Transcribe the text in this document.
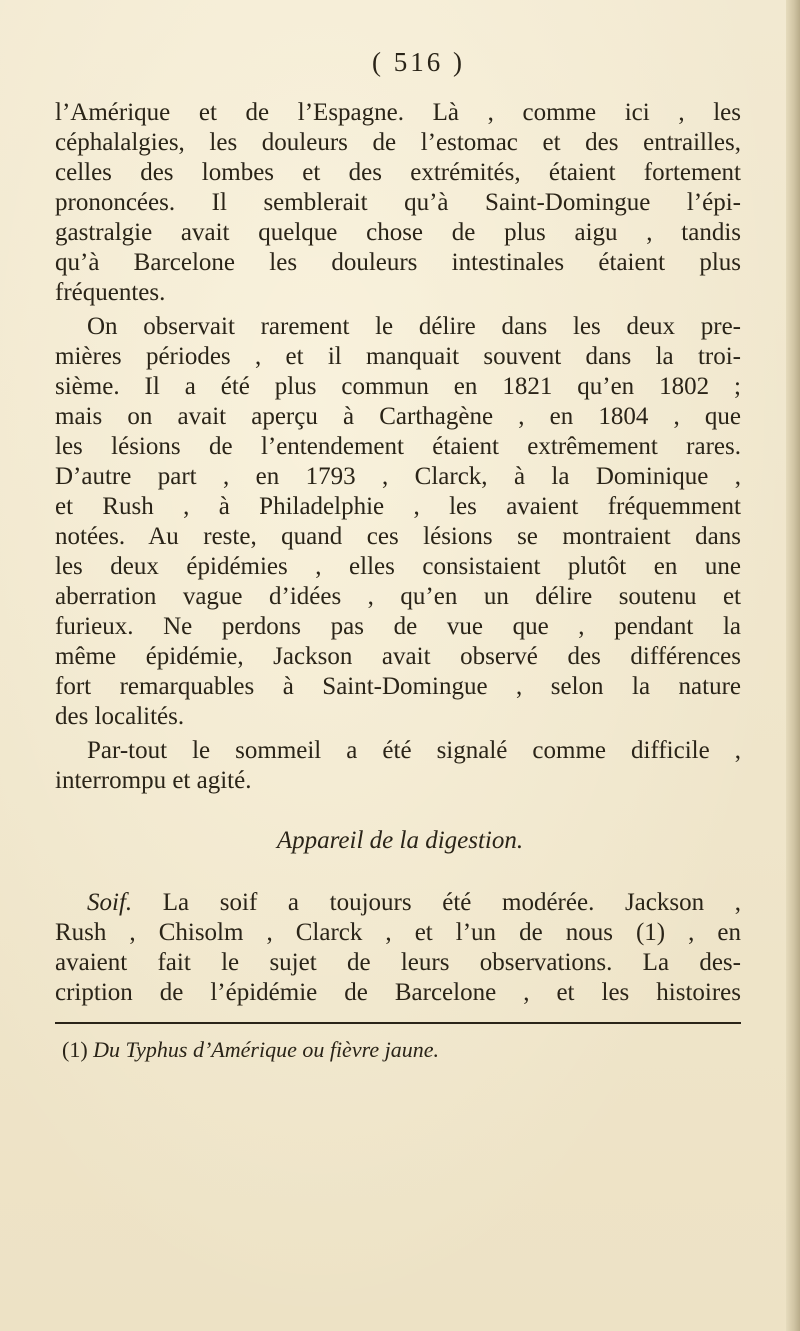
( 516 )
l’Amérique et de l’Espagne. Là , comme ici , les
céphalalgies, les douleurs de l’estomac et des entrailles,
celles des lombes et des extrémités, étaient fortement
prononcées. Il semblerait qu’à Saint-Domingue l’épi-
gastralgie avait quelque chose de plus aigu , tandis
qu’à Barcelone les douleurs intestinales étaient plus
fréquentes.
On observait rarement le délire dans les deux pre-
mières périodes , et il manquait souvent dans la troi-
sième. Il a été plus commun en 1821 qu’en 1802 ;
mais on avait aperçu à Carthagène , en 1804 , que
les lésions de l’entendement étaient extrêmement rares.
D’autre part , en 1793 , Clarck, à la Dominique ,
et Rush , à Philadelphie , les avaient fréquemment
notées. Au reste, quand ces lésions se montraient dans
les deux épidémies , elles consistaient plutôt en une
aberration vague d’idées , qu’en un délire soutenu et
furieux. Ne perdons pas de vue que , pendant la
même épidémie, Jackson avait observé des différences
fort remarquables à Saint-Domingue , selon la nature
des localités.
Par-tout le sommeil a été signalé comme difficile ,
interrompu et agité.
Appareil de la digestion.
Soif. La soif a toujours été modérée. Jackson ,
Rush , Chisolm , Clarck , et l’un de nous (1) , en
avaient fait le sujet de leurs observations. La des-
cription de l’épidémie de Barcelone , et les histoires
(1) Du Typhus d’Amérique ou fièvre jaune.
